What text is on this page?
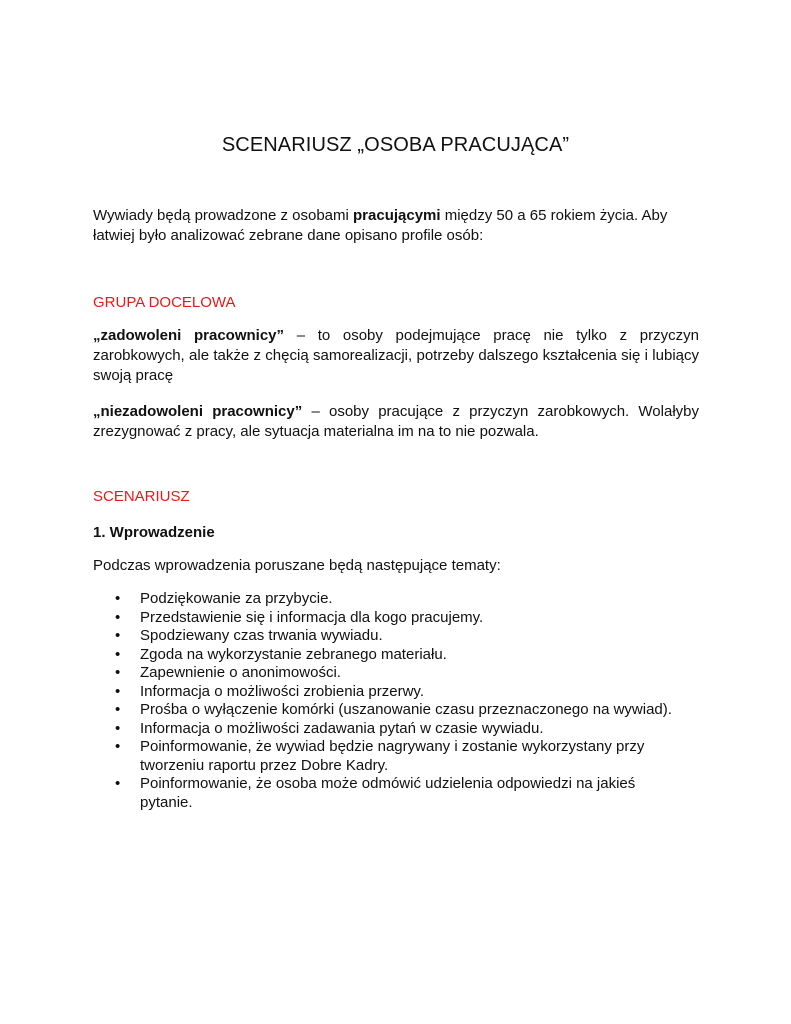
SCENARIUSZ „OSOBA PRACUJĄCA”
Wywiady będą prowadzone z osobami pracującymi między 50 a 65 rokiem życia. Aby łatwiej było analizować zebrane dane opisano profile osób:
GRUPA DOCELOWA
„zadowoleni pracownicy” – to osoby podejmujące pracę nie tylko z przyczyn zarobkowych, ale także z chęcią samorealizacji, potrzeby dalszego kształcenia się i lubiący swoją pracę
„niezadowoleni pracownicy” – osoby pracujące z przyczyn zarobkowych. Wolałyby zrezygnować z pracy, ale sytuacja materialna im na to nie pozwala.
SCENARIUSZ
1. Wprowadzenie
Podczas wprowadzenia poruszane będą następujące tematy:
• Podziękowanie za przybycie.
• Przedstawienie się i informacja dla kogo pracujemy.
• Spodziewany czas trwania wywiadu.
• Zgoda na wykorzystanie zebranego materiału.
• Zapewnienie o anonimowości.
• Informacja o możliwości zrobienia przerwy.
• Prośba o wyłączenie komórki (uszanowanie czasu przeznaczonego na wywiad).
• Informacja o możliwości zadawania pytań w czasie wywiadu.
• Poinformowanie, że wywiad będzie nagrywany i zostanie wykorzystany przy tworzeniu raportu przez Dobre Kadry.
• Poinformowanie, że osoba może odmówić udzielenia odpowiedzi na jakieś pytanie.
